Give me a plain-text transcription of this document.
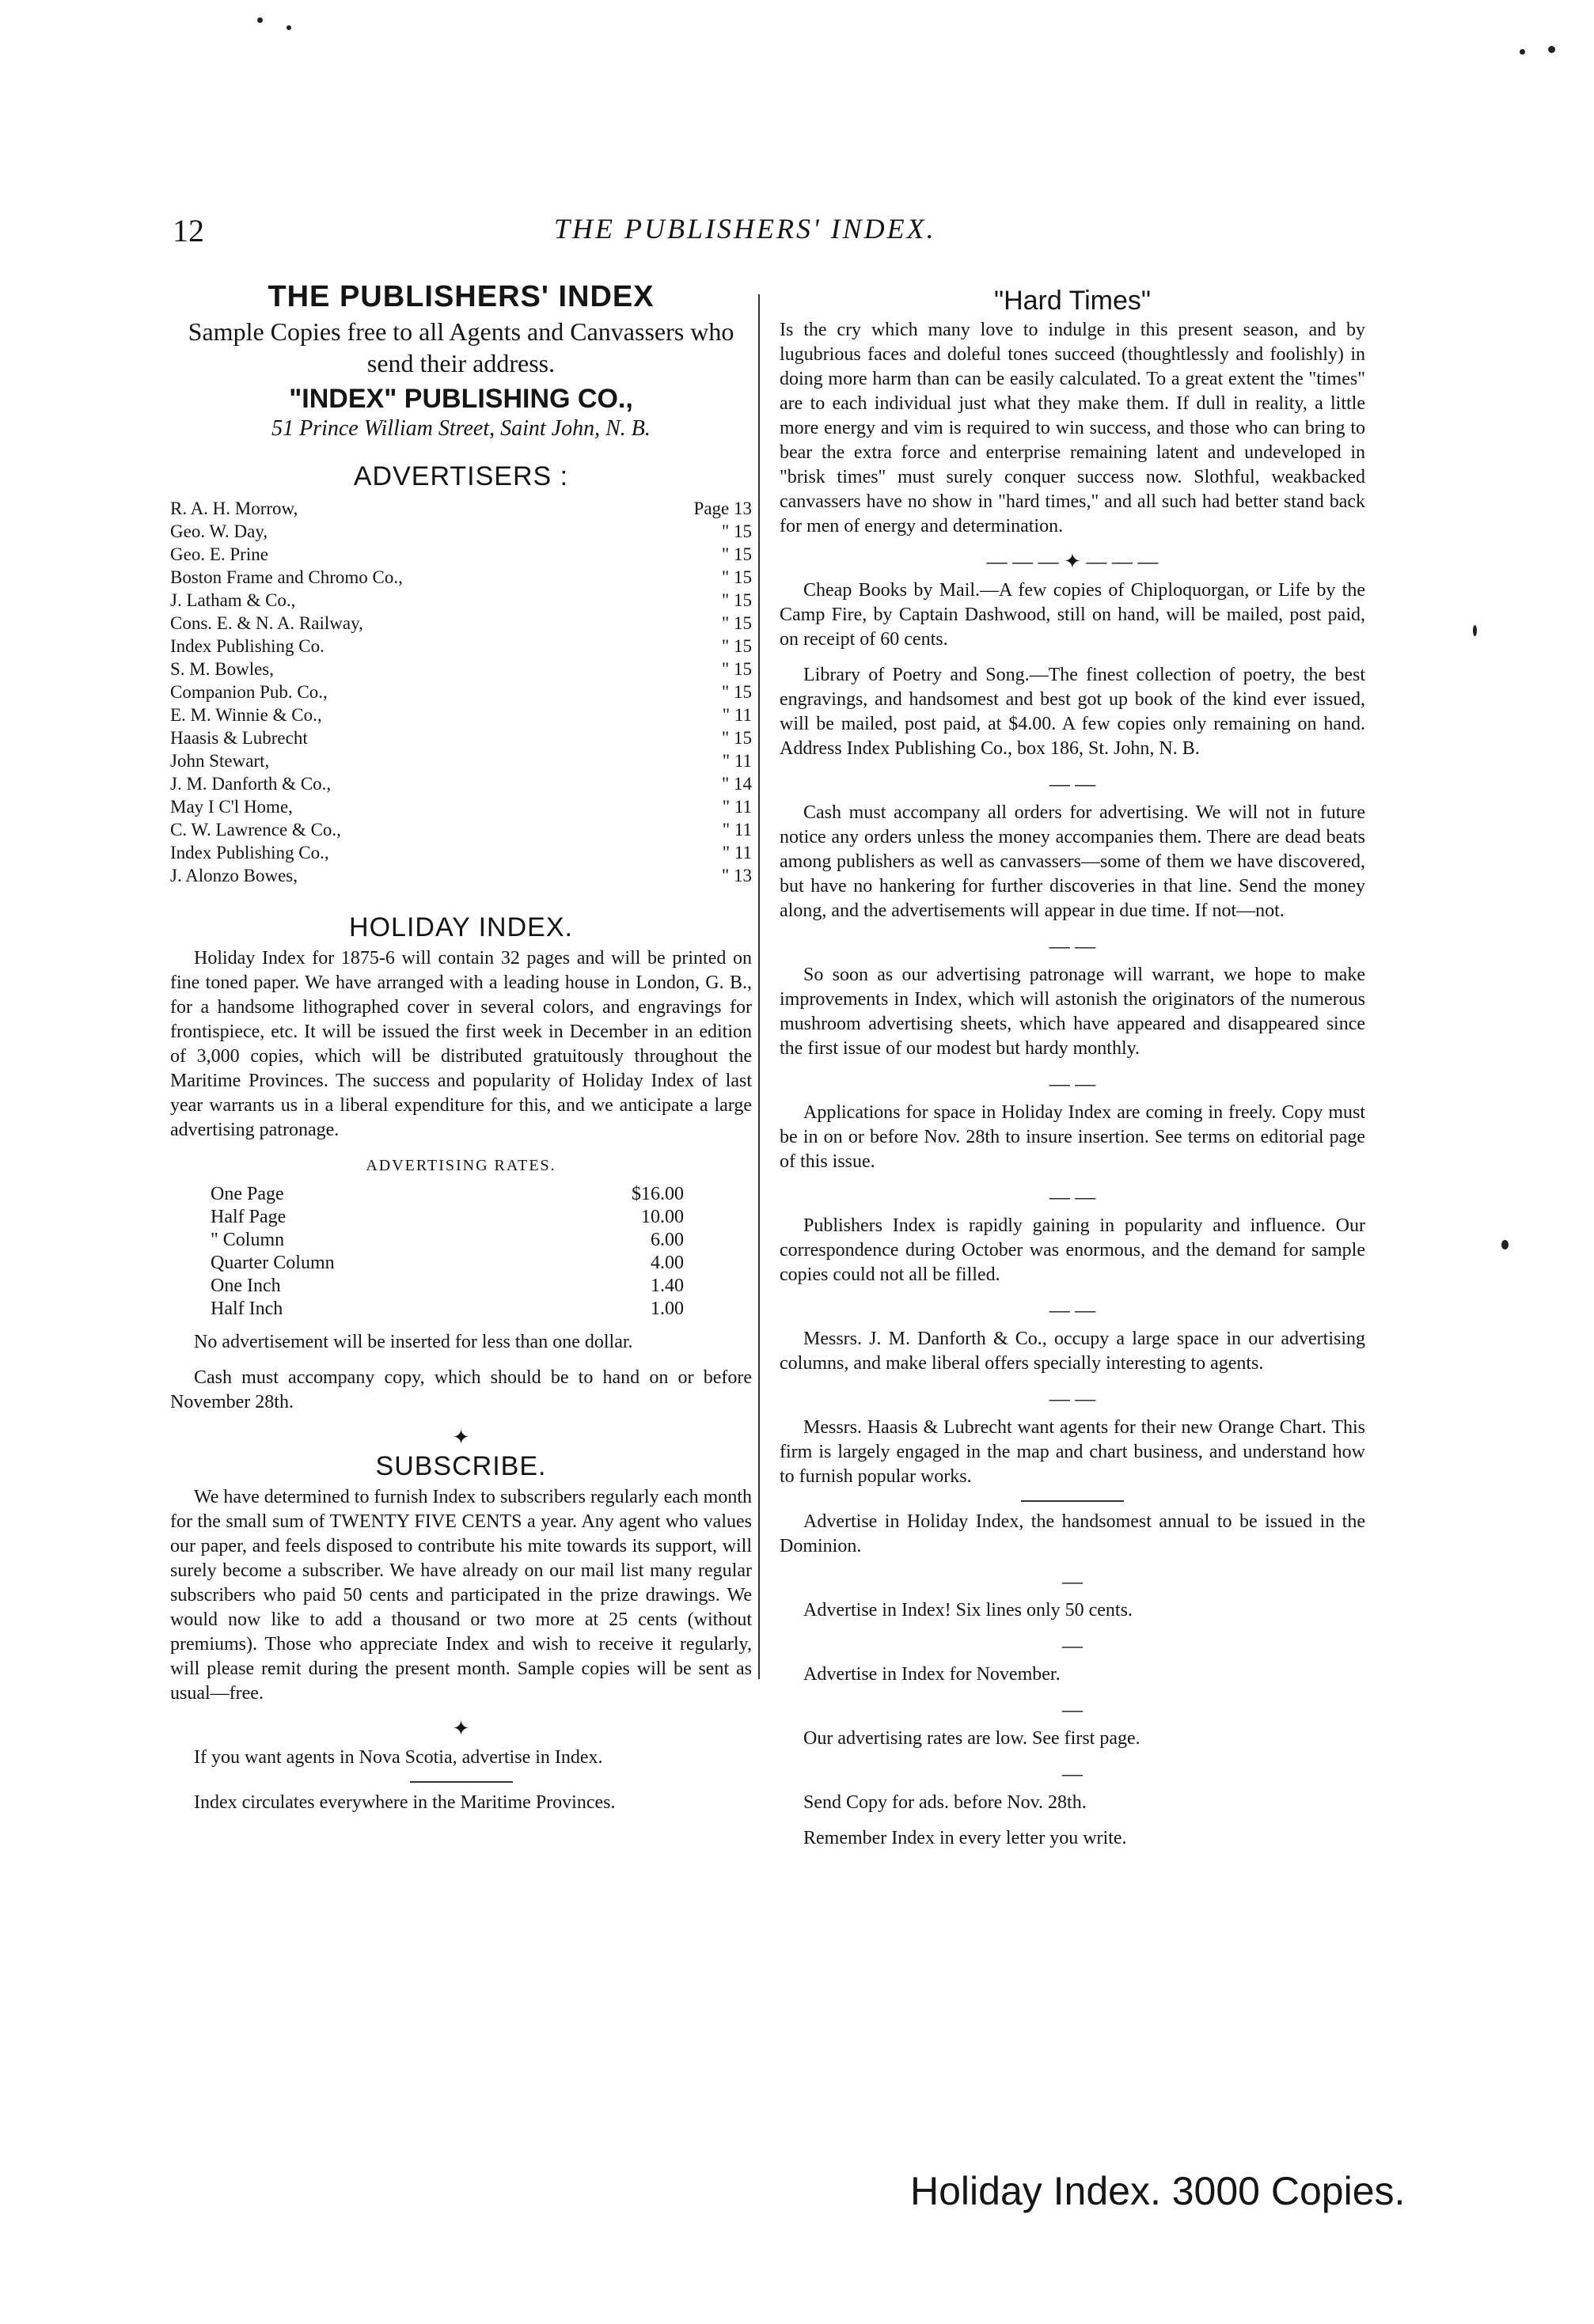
12	THE PUBLISHERS' INDEX.
THE PUBLISHERS' INDEX
Sample Copies free to all Agents and Canvassers who send their address.
"INDEX" PUBLISHING CO.,
51 Prince William Street, Saint John, N. B.
ADVERTISERS :
R. A. H. Morrow,	Page 13
Geo. W. Day,	" 15
Geo. E. Prine	" 15
Boston Frame and Chromo Co.,	" 15
J. Latham & Co.,	" 15
Cons. E. & N. A. Railway,	" 15
Index Publishing Co.	" 15
S. M. Bowles,	" 15
Companion Pub. Co.,	" 15
E. M. Winnie & Co.,	" 11
Haasis & Lubrecht	" 15
John Stewart,	" 11
J. M. Danforth & Co.,	" 14
May I C'l Home,	" 11
C. W. Lawrence & Co.,	" 11
Index Publishing Co.,	" 11
J. Alonzo Bowes,	" 13
HOLIDAY INDEX.

Holiday Index for 1875-6 will contain 32 pages and will be printed on fine toned paper. We have arranged with a leading house in London, G. B., for a handsome lithographed cover in several colors, and engravings for frontispiece, etc. It will be issued the first week in December in an edition of 3,000 copies, which will be distributed gratuitously throughout the Maritime Provinces. The success and popularity of Holiday Index of last year warrants us in a liberal expenditure for this, and we anticipate a large advertising patronage.

ADVERTISING RATES.
One Page	$16.00
Half Page	10.00
" Column	6.00
Quarter Column	4.00
One Inch	1.40
Half Inch	1.00

No advertisement will be inserted for less than one dollar.

Cash must accompany copy, which should be to hand on or before November 28th.

✦
SUBSCRIBE.

We have determined to furnish Index to subscribers regularly each month for the small sum of TWENTY FIVE CENTS a year. Any agent who values our paper, and feels disposed to contribute his mite towards its support, will surely become a subscriber. We have already on our mail list many regular subscribers who paid 50 cents and participated in the prize drawings. We would now like to add a thousand or two more at 25 cents (without premiums). Those who appreciate Index and wish to receive it regularly, will please remit during the present month. Sample copies will be sent as usual—free.

✦

If you want agents in Nova Scotia, advertise in Index.

Index circulates everywhere in the Maritime Provinces.

"Hard Times"

Is the cry which many love to indulge in this present season, and by lugubrious faces and doleful tones succeed (thoughtlessly and foolishly) in doing more harm than can be easily calculated. To a great extent the "times" are to each individual just what they make them. If dull in reality, a little more energy and vim is required to win success, and those who can bring to bear the extra force and enterprise remaining latent and undeveloped in "brisk times" must surely conquer success now. Slothful, weakbacked canvassers have no show in "hard times," and all such had better stand back for men of energy and determination.

— — — ✦ — — —

Cheap Books by Mail.—A few copies of Chiploquorgan, or Life by the Camp Fire, by Captain Dashwood, still on hand, will be mailed, post paid, on receipt of 60 cents.

Library of Poetry and Song.—The finest collection of poetry, the best engravings, and handsomest and best got up book of the kind ever issued, will be mailed, post paid, at $4.00. A few copies only remaining on hand. Address Index Publishing Co., box 186, St. John, N. B.

— —

Cash must accompany all orders for advertising. We will not in future notice any orders unless the money accompanies them. There are dead beats among publishers as well as canvassers—some of them we have discovered, but have no hankering for further discoveries in that line. Send the money along, and the advertisements will appear in due time. If not—not.

— —

So soon as our advertising patronage will warrant, we hope to make improvements in Index, which will astonish the originators of the numerous mushroom advertising sheets, which have appeared and disappeared since the first issue of our modest but hardy monthly.

— —

Applications for space in Holiday Index are coming in freely. Copy must be in on or before Nov. 28th to insure insertion. See terms on editorial page of this issue.

— —

Publishers Index is rapidly gaining in popularity and influence. Our correspondence during October was enormous, and the demand for sample copies could not all be filled.

— —

Messrs. J. M. Danforth & Co., occupy a large space in our advertising columns, and make liberal offers specially interesting to agents.

— —

Messrs. Haasis & Lubrecht want agents for their new Orange Chart. This firm is largely engaged in the map and chart business, and understand how to furnish popular works.

Advertise in Holiday Index, the handsomest annual to be issued in the Dominion.

—

Advertise in Index! Six lines only 50 cents.

—

Advertise in Index for November.

—

Our advertising rates are low. See first page.

—

Send Copy for ads. before Nov. 28th.

Remember Index in every letter you write.

Holiday Index. 3000 Copies.
